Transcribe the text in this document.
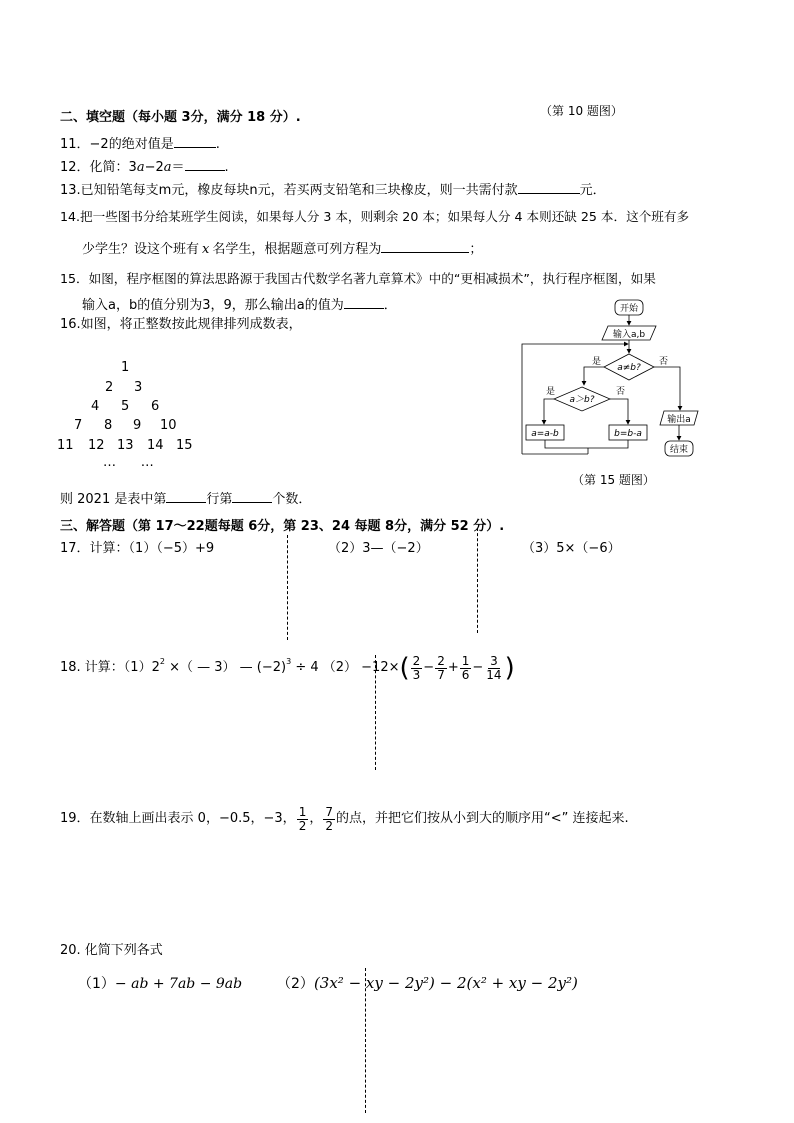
（第 10 题图）
二、填空题（每小题 3分，满分 18 分）.
11．−2的绝对值是	.
12．化简：3a−2a＝	.
13.已知铅笔每支m元，橡皮每块n元，若买两支铅笔和三块橡皮，则一共需付款	元．
14.把一些图书分给某班学生阅读，如果每人分 3 本，则剩余 20 本；如果每人分 4 本则还缺 25 本．这个班有多
少学生？设这个班有 x 名学生，根据题意可列方程为	；
15．如图，程序框图的算法思路源于我国古代数学名著九章算术》中的“更相减损术”，执行程序框图，如果
输入a，b的值分别为3，9，那么输出a的值为	．
16.如图，将正整数按此规律排列成数表，
1
2 3
4 5 6
7 8 9 10
11 12 13 14 15
…      …
则 2021 是表中第	行第	个数．
开始
输入a,b
a≠b?
是	否
a＞b?
是	否
a=a-b	b=b-a
输出a
结束
（第 15 题图）
三、解答题（第 17～22题每题 6分，第 23、24 每题 8分，满分 52 分）.
17．计算：（1）（−5）+9	（2）3—（−2）	（3）5×（−6）
18. 计算：$(1)2^2$ ×（ — 3） — $(-2)^3 \div 4$ （2） −12× ( $\frac{2}{3} - \frac{2}{7} + \frac{1}{6} - \frac{3}{14}$ )
19．在数轴上画出表示 0，−0.5，−3， $\frac{1}{2}$ ， $\frac{7}{2}$ 的点，并把它们按从小到大的顺序用“<” 连接起来.
20. 化简下列各式
（1）− ab + 7ab − 9ab （2）(3x² − xy − 2y²) − 2(x² + xy − 2y²)
